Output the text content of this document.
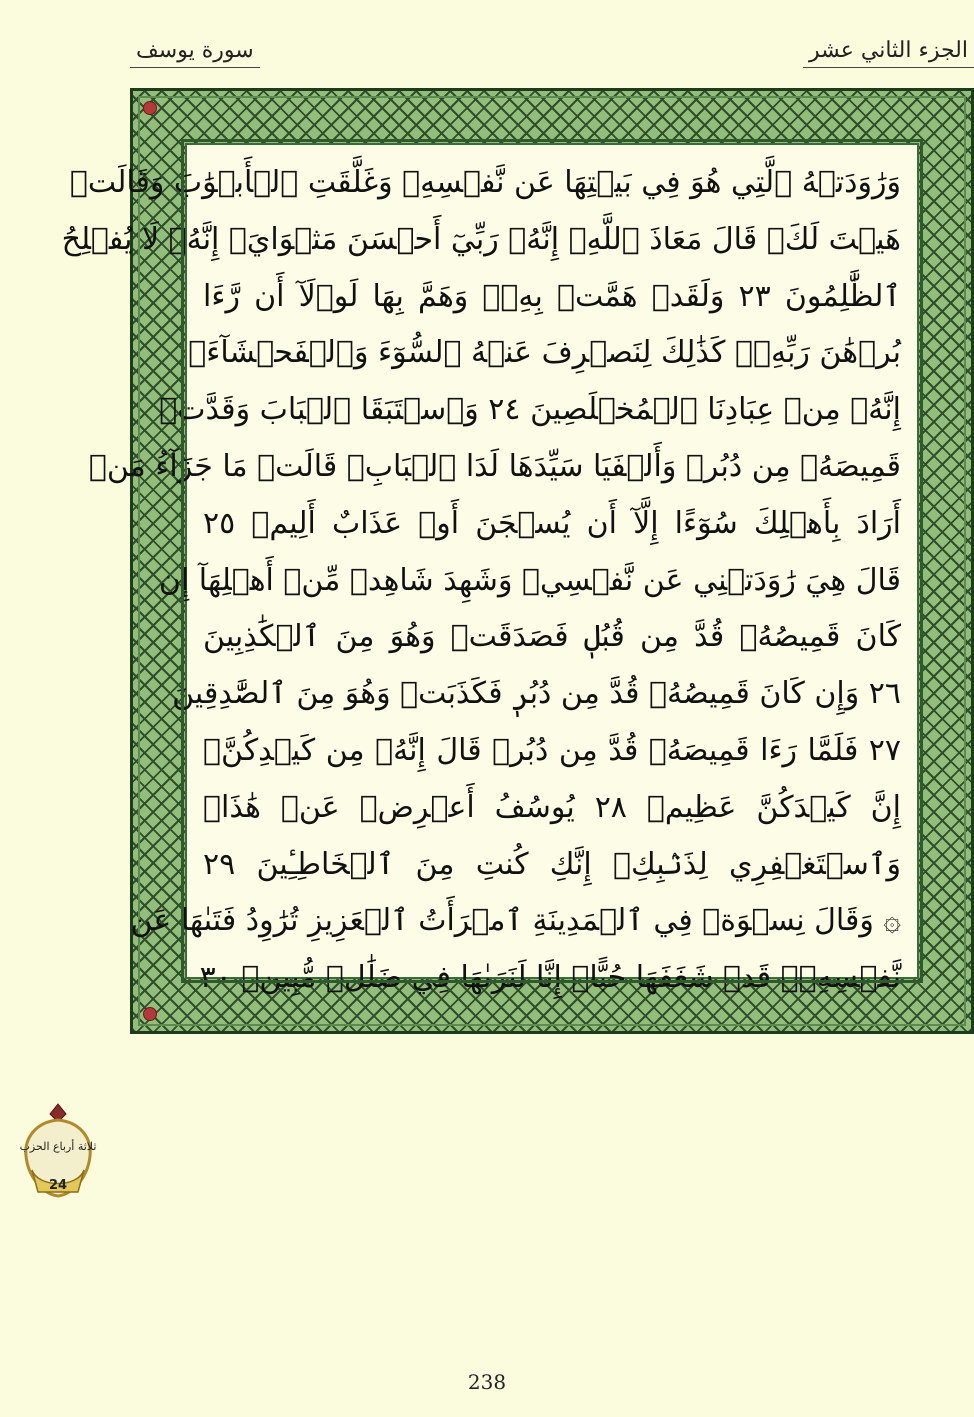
الجزء الثاني عشر
سورة يوسف
وَرَٰوَدَتۡهُ ٱلَّتِي هُوَ فِي بَيۡتِهَا عَن نَّفۡسِهِۦ وَغَلَّقَتِ ٱلۡأَبۡوَٰبَ وَقَالَتۡ
هَيۡتَ لَكَۚ قَالَ مَعَاذَ ٱللَّهِۖ إِنَّهُۥ رَبِّيٓ أَحۡسَنَ مَثۡوَايَۖ إِنَّهُۥ لَا يُفۡلِحُ
ٱلظَّٰلِمُونَ ٢٣ وَلَقَدۡ هَمَّتۡ بِهِۦۖ وَهَمَّ بِهَا لَوۡلَآ أَن رَّءَا
بُرۡهَٰنَ رَبِّهِۦۚ كَذَٰلِكَ لِنَصۡرِفَ عَنۡهُ ٱلسُّوٓءَ وَٱلۡفَحۡشَآءَۚ
إِنَّهُۥ مِنۡ عِبَادِنَا ٱلۡمُخۡلَصِينَ ٢٤ وَٱسۡتَبَقَا ٱلۡبَابَ وَقَدَّتۡ
قَمِيصَهُۥ مِن دُبُرٖ وَأَلۡفَيَا سَيِّدَهَا لَدَا ٱلۡبَابِۚ قَالَتۡ مَا جَزَآءُ مَنۡ
أَرَادَ بِأَهۡلِكَ سُوٓءًا إِلَّآ أَن يُسۡجَنَ أَوۡ عَذَابٌ أَلِيمٞ ٢٥
قَالَ هِيَ رَٰوَدَتۡنِي عَن نَّفۡسِيۚ وَشَهِدَ شَاهِدٞ مِّنۡ أَهۡلِهَآ إِن
كَانَ قَمِيصُهُۥ قُدَّ مِن قُبُلٖ فَصَدَقَتۡ وَهُوَ مِنَ ٱلۡكَٰذِبِينَ
٢٦ وَإِن كَانَ قَمِيصُهُۥ قُدَّ مِن دُبُرٖ فَكَذَبَتۡ وَهُوَ مِنَ ٱلصَّٰدِقِينَ
٢٧ فَلَمَّا رَءَا قَمِيصَهُۥ قُدَّ مِن دُبُرٖ قَالَ إِنَّهُۥ مِن كَيۡدِكُنَّۖ
إِنَّ كَيۡدَكُنَّ عَظِيمٞ ٢٨ يُوسُفُ أَعۡرِضۡ عَنۡ هَٰذَاۚ
وَٱسۡتَغۡفِرِي لِذَنۢبِكِۖ إِنَّكِ كُنتِ مِنَ ٱلۡخَاطِـِٔينَ ٢٩
۞ وَقَالَ نِسۡوَةٞ فِي ٱلۡمَدِينَةِ ٱمۡرَأَتُ ٱلۡعَزِيزِ تُرَٰوِدُ فَتَىٰهَا عَن
نَّفۡسِهِۦۖ قَدۡ شَغَفَهَا حُبًّاۖ إِنَّا لَنَرَىٰهَا فِي ضَلَٰلٖ مُّبِينٖ ٣٠
ثلاثة أرباع الحزب
24
238
